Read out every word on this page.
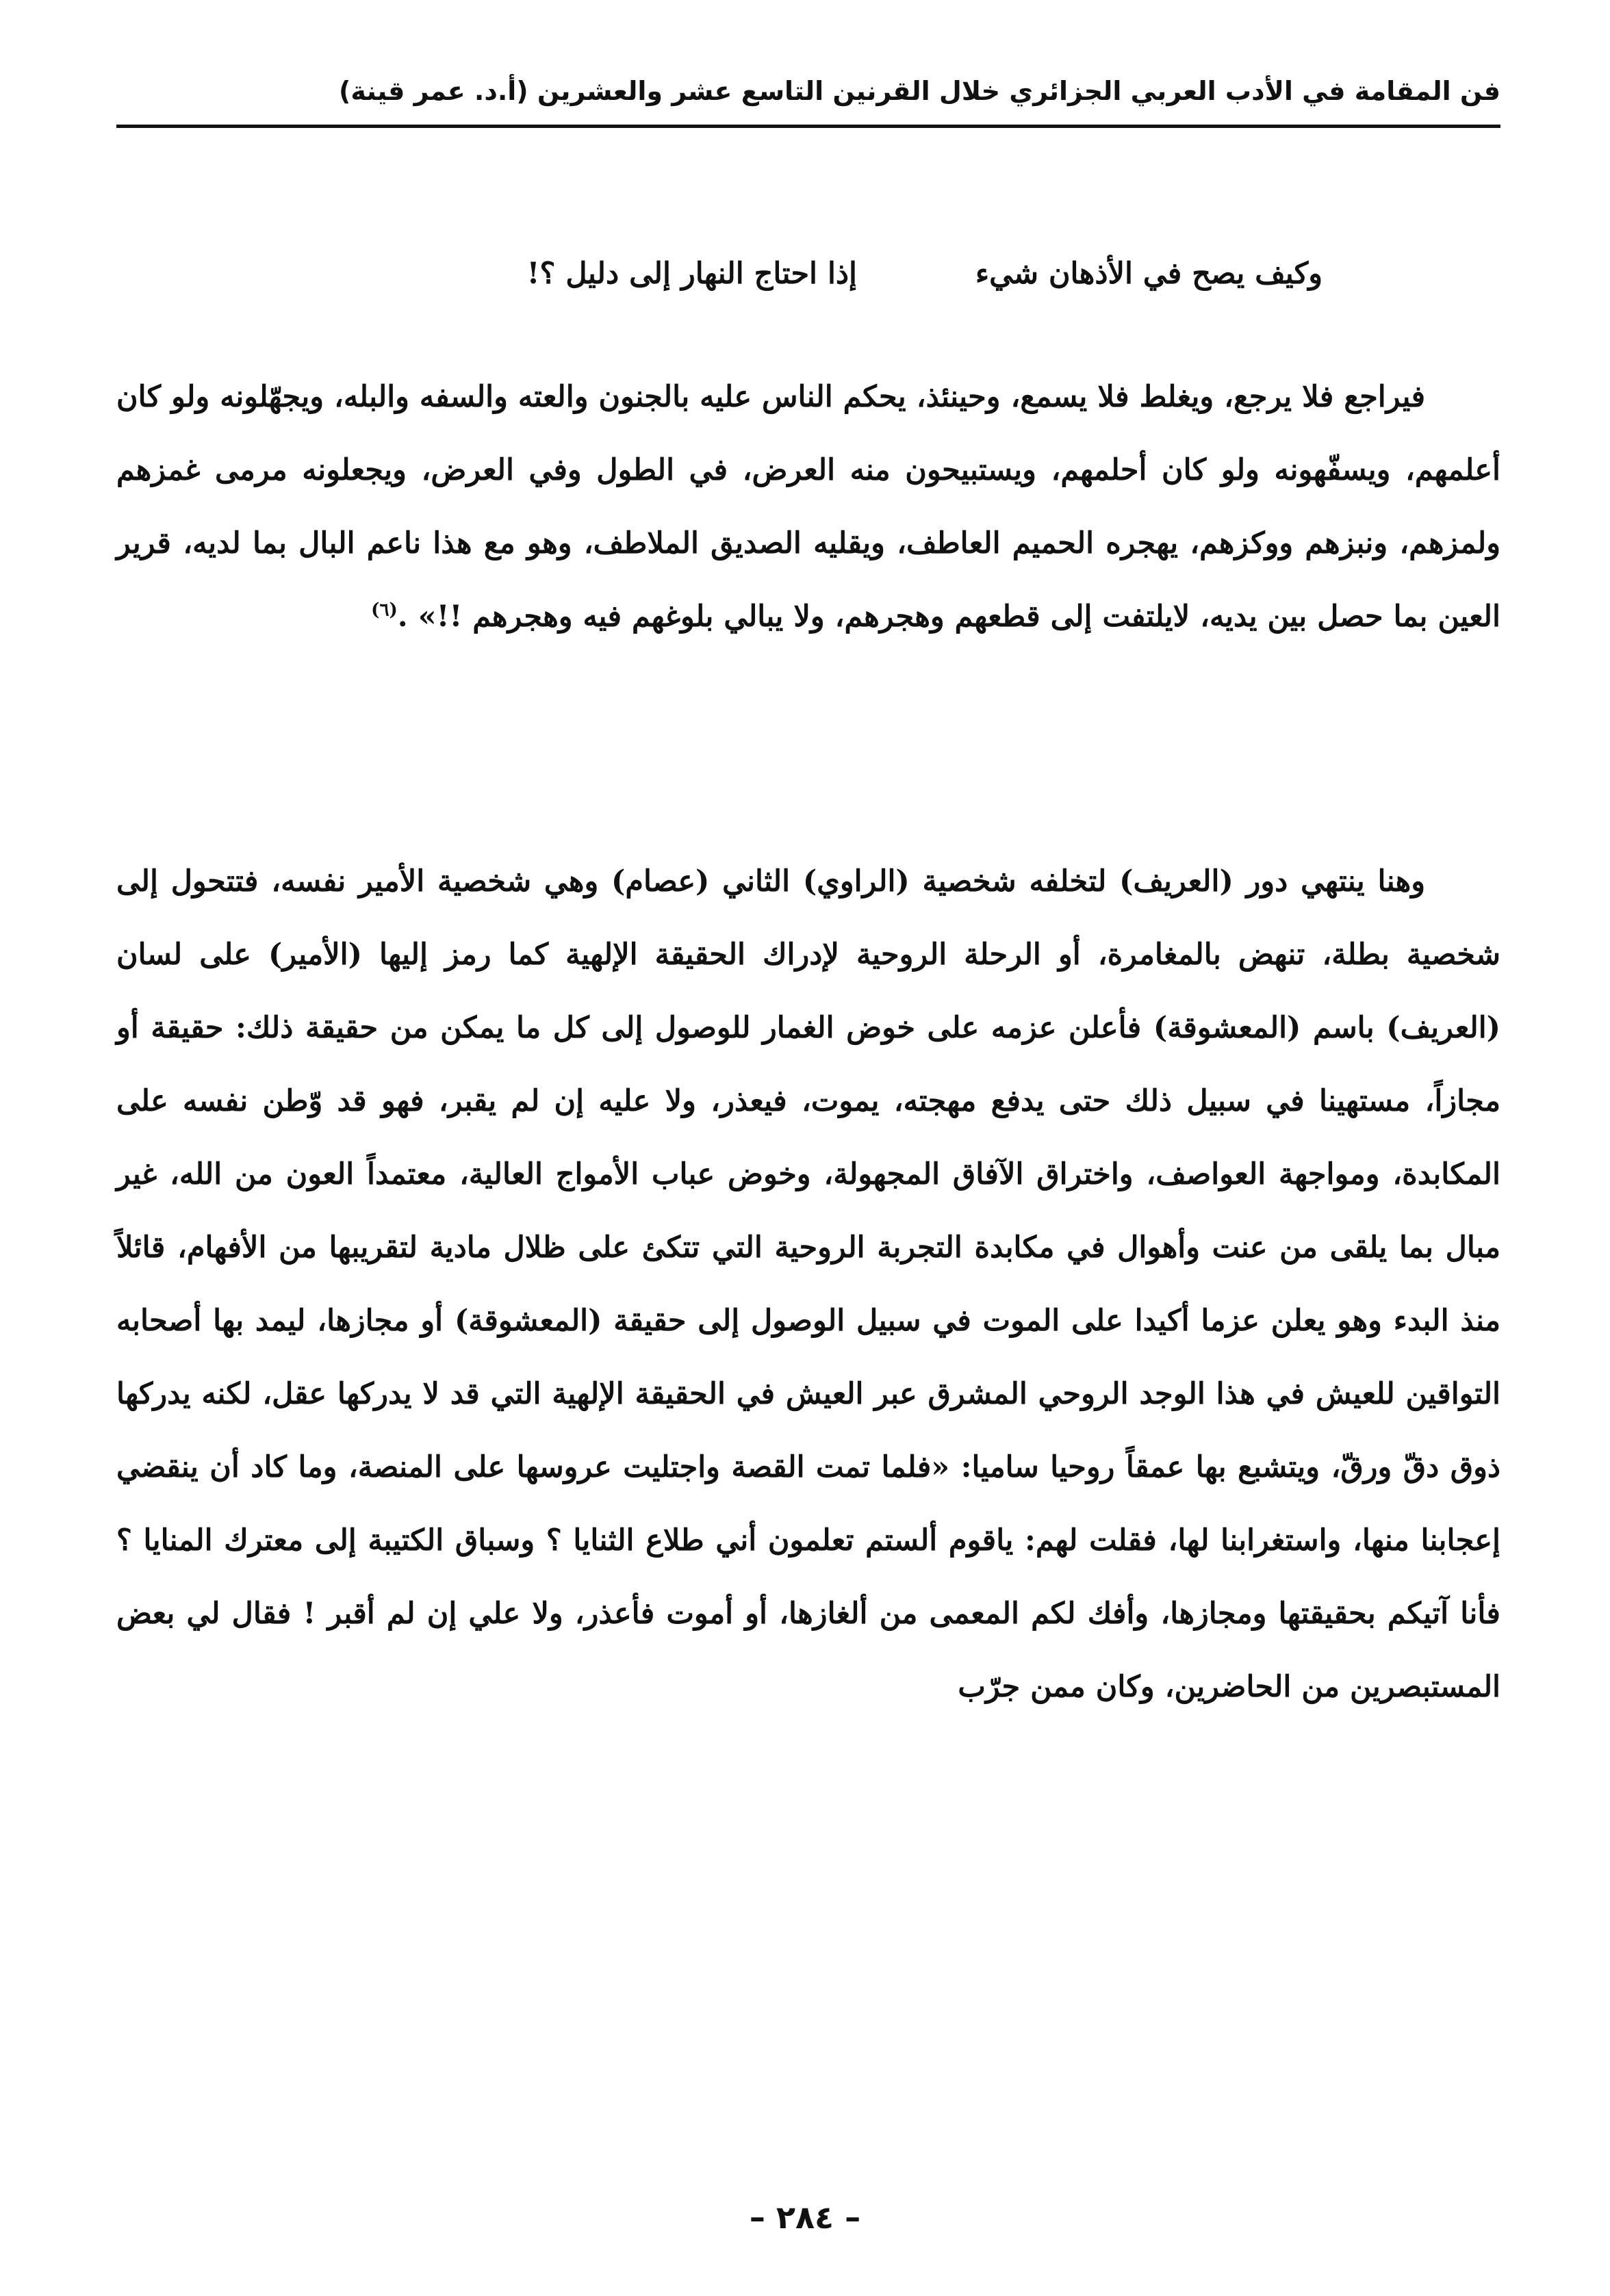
فن المقامة في الأدب العربي الجزائري خلال القرنين التاسع عشر والعشرين (أ.د. عمر قينة)
وكيف يصح في الأذهان شيء
إذا احتاج النهار إلى دليل ؟!

فيراجع فلا يرجع، ويغلط فلا يسمع، وحينئذ، يحكم الناس عليه بالجنون والعته والسفه والبله، ويجهّلونه ولو كان أعلمهم، ويسفّهونه ولو كان أحلمهم، ويستبيحون منه العرض، في الطول وفي العرض، ويجعلونه مرمى غمزهم ولمزهم، ونبزهم ووكزهم، يهجره الحميم العاطف، ويقليه الصديق الملاطف، وهو مع هذا ناعم البال بما لديه، قرير العين بما حصل بين يديه، لايلتفت إلى قطعهم وهجرهم، ولا يبالي بلوغهم فيه وهجرهم !!» .$^{(٦)}$

وهنا ينتهي دور (العريف) لتخلفه شخصية (الراوي) الثاني (عصام) وهي شخصية الأمير نفسه، فتتحول إلى شخصية بطلة، تنهض بالمغامرة، أو الرحلة الروحية لإدراك الحقيقة الإلهية كما رمز إليها (الأمير) على لسان (العريف) باسم (المعشوقة) فأعلن عزمه على خوض الغمار للوصول إلى كل ما يمكن من حقيقة ذلك: حقيقة أو مجازاً، مستهينا في سبيل ذلك حتى يدفع مهجته، يموت، فيعذر، ولا عليه إن لم يقبر، فهو قد وّطن نفسه على المكابدة، ومواجهة العواصف، واختراق الآفاق المجهولة، وخوض عباب الأمواج العالية، معتمداً العون من الله، غير مبال بما يلقى من عنت وأهوال في مكابدة التجربة الروحية التي تتكئ على ظلال مادية لتقريبها من الأفهام، قائلاً منذ البدء وهو يعلن عزما أكيدا على الموت في سبيل الوصول إلى حقيقة (المعشوقة) أو مجازها، ليمد بها أصحابه التواقين للعيش في هذا الوجد الروحي المشرق عبر العيش في الحقيقة الإلهية التي قد لا يدركها عقل، لكنه يدركها ذوق دقّ ورقّ، ويتشبع بها عمقاً روحيا ساميا: «فلما تمت القصة واجتليت عروسها على المنصة، وما كاد أن ينقضي إعجابنا منها، واستغرابنا لها، فقلت لهم: ياقوم ألستم تعلمون أني طلاع الثنايا ؟ وسباق الكتيبة إلى معترك المنايا ؟ فأنا آتيكم بحقيقتها ومجازها، وأفك لكم المعمى من ألغازها، أو أموت فأعذر، ولا علي إن لم أقبر ! فقال لي بعض المستبصرين من الحاضرين، وكان ممن جرّب

– ٢٨٤ –
